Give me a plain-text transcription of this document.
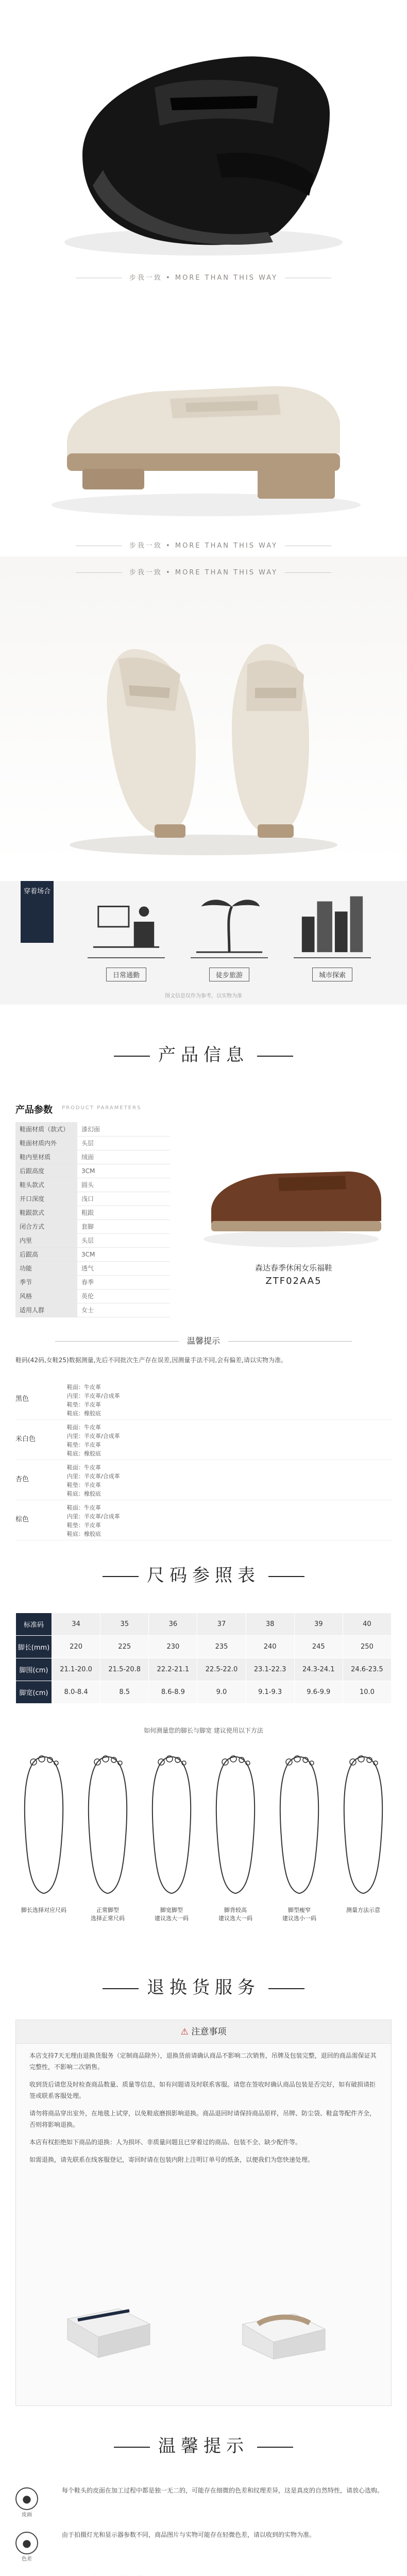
步我一致 • MORE THAN THIS WAY
步我一致 • MORE THAN THIS WAY
步我一致 • MORE THAN THIS WAY
穿着场合
日常通勤	徒步旅游	城市探索
图文信息仅作为参考，以实物为准
产品信息
产品参数 PRODUCT PARAMETERS
鞋面材质（款式）	漆幻面
鞋面材质内外	头层
鞋内里材质	绒面
后跟高度	3CM
鞋头款式	圆头
开口深度	浅口
鞋跟款式	粗跟
闭合方式	套脚
内里	头层
后跟高	3CM
功能	透气
季节	春季
风格	英伦
适用人群	女士
森达春季休闲女乐福鞋
ZTF02AA5
温馨提示
鞋码(42码,女鞋25)数据测量,先后不同批次生产存在误差,因测量手法不同,会有偏差,请以实物为准。
黑色
鞋面：牛皮革
内里：羊皮革/合成革
鞋垫：羊皮革
鞋底：橡胶底
米白色
鞋面：牛皮革
内里：羊皮革/合成革
鞋垫：羊皮革
鞋底：橡胶底
杏色
鞋面：牛皮革
内里：羊皮革/合成革
鞋垫：羊皮革
鞋底：橡胶底
棕色
鞋面：牛皮革
内里：羊皮革/合成革
鞋垫：羊皮革
鞋底：橡胶底
尺码参照表
标准码	34	35	36	37	38	39	40
脚长(mm)	220	225	230	235	240	245	250
脚围(cm)	21.1-20.0	21.5-20.8	22.2-21.1	22.5-22.0	23.1-22.3	24.3-24.1	24.6-23.5
脚宽(cm)	8.0-8.4	8.5	8.6-8.9	9.0	9.1-9.3	9.6-9.9	10.0
如何测量您的脚长与脚宽 建议使用以下方法
脚长选择对应尺码	正常脚型
选择正常尺码
脚宽脚型
建议选大一码
脚背较高
建议选大一码
脚型瘦窄
建议选小一码
测量方法示意
退换货服务
⚠ 注意事项
本店支持7天无理由退换货服务（定制商品除外），退换货前请确认商品不影响二次销售，吊牌及包装完整，退回的商品需保证其完整性，不影响二次销售。
收到货后请您及时检查商品数量、质量等信息，如有问题请及时联系客服。请您在签收时确认商品包装是否完好，如有破损请拒签或联系客服处理。
请勿将商品穿出室外，在地毯上试穿，以免鞋底磨损影响退换。商品退回时请保持商品原样，吊牌、防尘袋、鞋盒等配件齐全，否则将影响退换。
本店有权拒绝如下商品的退换：人为损坏、非质量问题且已穿着过的商品、包装不全、缺少配件等。
如需退换，请先联系在线客服登记，寄回时请在包装内附上注明订单号的纸条，以便我们为您快速处理。
温馨提示
●
皮面
每个鞋头的皮面在加工过程中都是独一无二的，可能存在细微的色差和纹理差异，这是真皮的自然特性，请放心选购。
●
色差
由于拍摄灯光和显示器参数不同，商品图片与实物可能存在轻微色差，请以收到的实物为准。
